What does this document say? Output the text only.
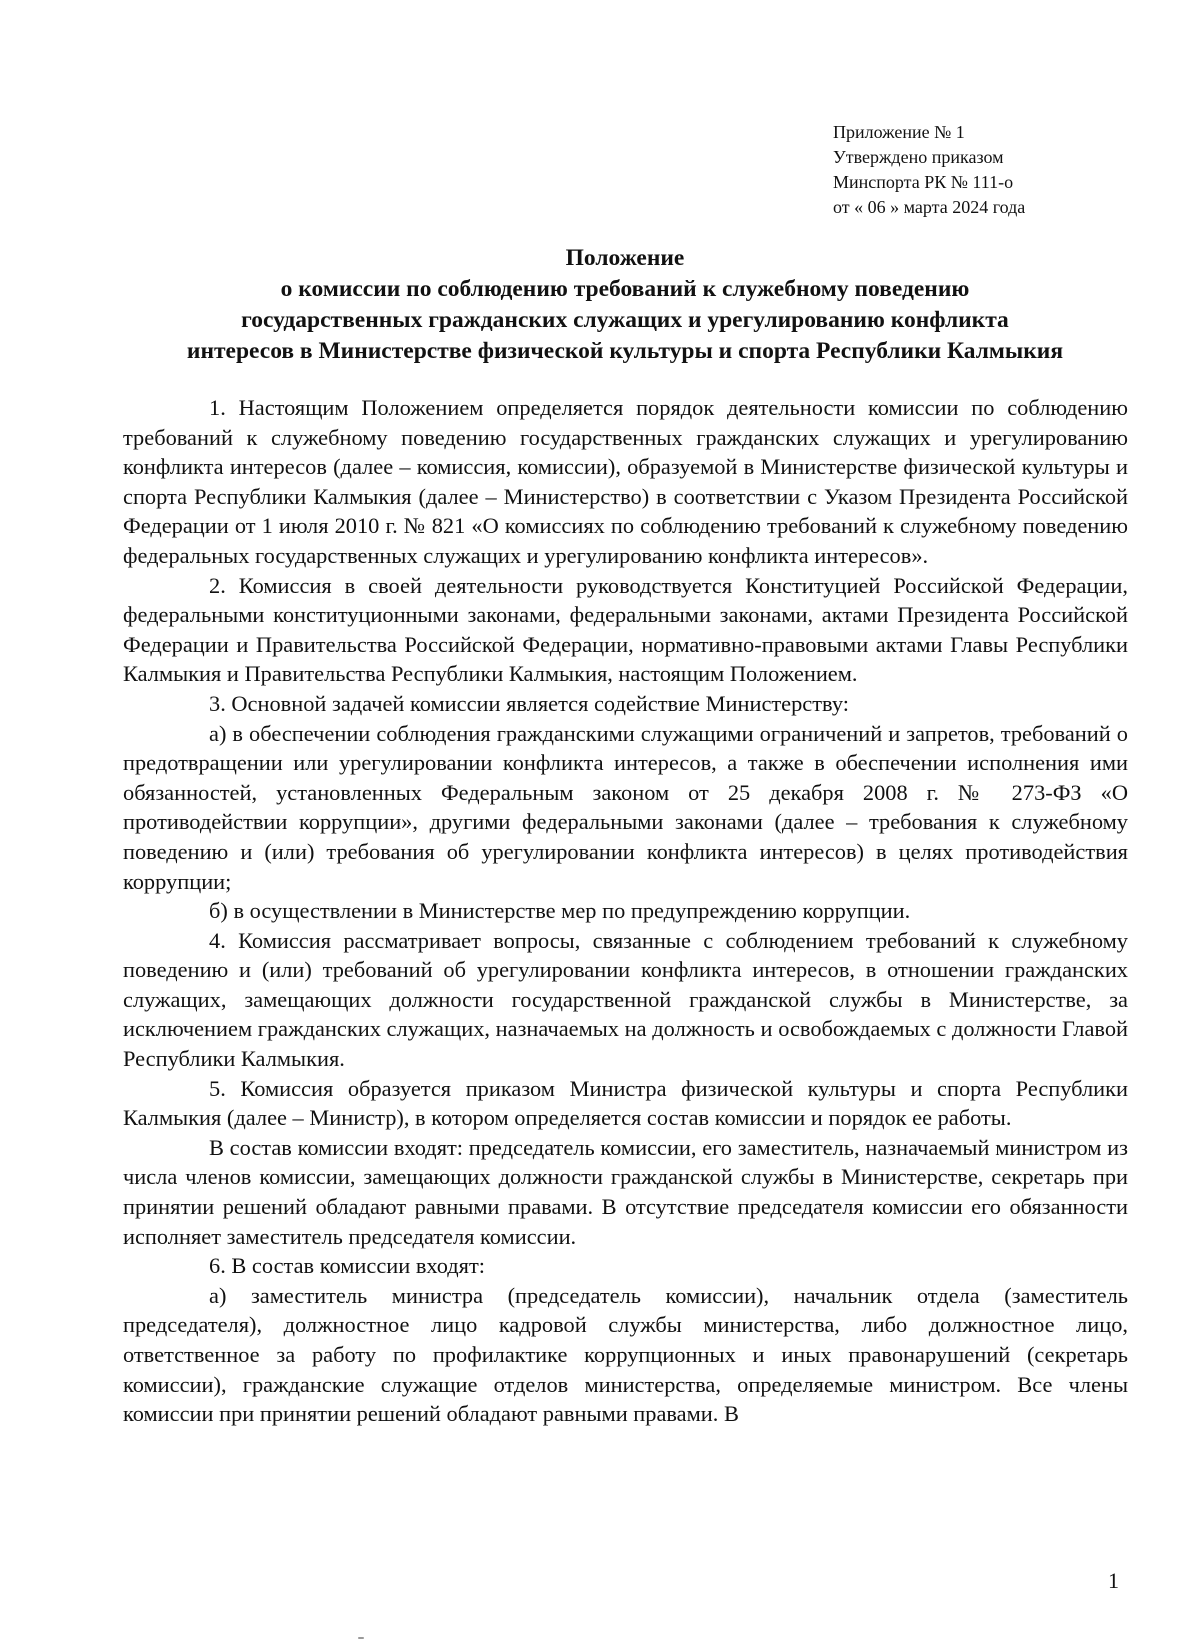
Приложение № 1
Утверждено приказом
Минспорта РК № 111-о
от « 06 » марта 2024 года
Положение
о комиссии по соблюдению требований к служебному поведению
государственных гражданских служащих и урегулированию конфликта
интересов в Министерстве физической культуры и спорта Республики Калмыкия

1. Настоящим Положением определяется порядок деятельности комиссии по соблюдению требований к служебному поведению государственных гражданских служащих и урегулированию конфликта интересов (далее – комиссия, комиссии), образуемой в Министерстве физической культуры и спорта Республики Калмыкия (далее – Министерство) в соответствии с Указом Президента Российской Федерации от 1 июля 2010 г. № 821 «О комиссиях по соблюдению требований к служебному поведению федеральных государственных служащих и урегулированию конфликта интересов».

2. Комиссия в своей деятельности руководствуется Конституцией Российской Федерации, федеральными конституционными законами, федеральными законами, актами Президента Российской Федерации и Правительства Российской Федерации, нормативно-правовыми актами Главы Республики Калмыкия и Правительства Республики Калмыкия, настоящим Положением.

3. Основной задачей комиссии является содействие Министерству:

а) в обеспечении соблюдения гражданскими служащими ограничений и запретов, требований о предотвращении или урегулировании конфликта интересов, а также в обеспечении исполнения ими обязанностей, установленных Федеральным законом от 25 декабря 2008 г. № 273-ФЗ «О противодействии коррупции», другими федеральными законами (далее – требования к служебному поведению и (или) требования об урегулировании конфликта интересов) в целях противодействия коррупции;

б) в осуществлении в Министерстве мер по предупреждению коррупции.

4. Комиссия рассматривает вопросы, связанные с соблюдением требований к служебному поведению и (или) требований об урегулировании конфликта интересов, в отношении гражданских служащих, замещающих должности государственной гражданской службы в Министерстве, за исключением гражданских служащих, назначаемых на должность и освобождаемых с должности Главой Республики Калмыкия.

5. Комиссия образуется приказом Министра физической культуры и спорта Республики Калмыкия (далее – Министр), в котором определяется состав комиссии и порядок ее работы.

В состав комиссии входят: председатель комиссии, его заместитель, назначаемый министром из числа членов комиссии, замещающих должности гражданской службы в Министерстве, секретарь при принятии решений обладают равными правами. В отсутствие председателя комиссии его обязанности исполняет заместитель председателя комиссии.

6. В состав комиссии входят:

а) заместитель министра (председатель комиссии), начальник отдела (заместитель председателя), должностное лицо кадровой службы министерства, либо должностное лицо, ответственное за работу по профилактике коррупционных и иных правонарушений (секретарь комиссии), гражданские служащие отделов министерства, определяемые министром. Все члены комиссии при принятии решений обладают равными правами. В

1
